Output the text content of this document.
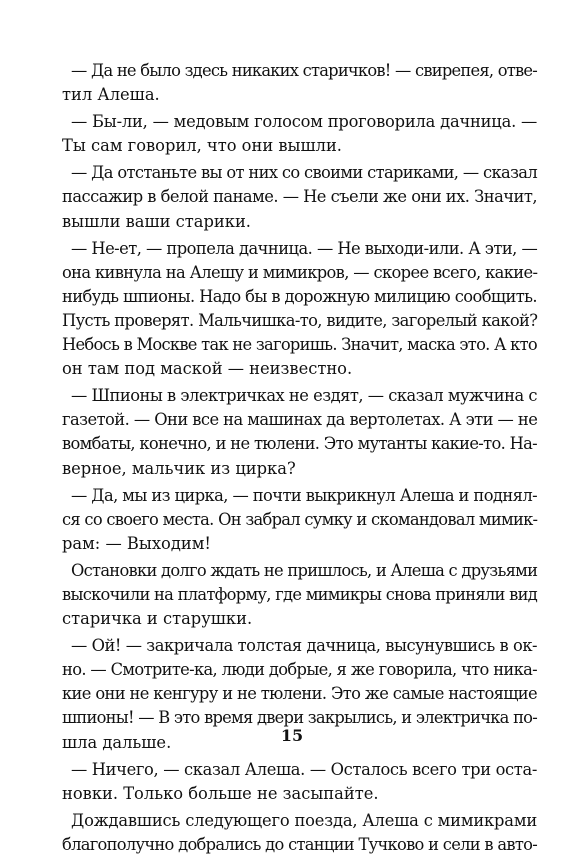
— Да не было здесь никаких старичков! — свирепея, отве-
тил Алеша.
— Бы-ли, — медовым голосом проговорила дачница. —
Ты сам говорил, что они вышли.
— Да отстаньте вы от них со своими стариками, — сказал
пассажир в белой панаме. — Не съели же они их. Значит,
вышли ваши старики.
— Не-ет, — пропела дачница. — Не выходи-или. А эти, —
она кивнула на Алешу и мимикров, — скорее всего, какие-
нибудь шпионы. Надо бы в дорожную милицию сообщить.
Пусть проверят. Мальчишка-то, видите, загорелый какой?
Небось в Москве так не загоришь. Значит, маска это. А кто
он там под маской — неизвестно.
— Шпионы в электричках не ездят, — сказал мужчина с
газетой. — Они все на машинах да вертолетах. А эти — не
вомбаты, конечно, и не тюлени. Это мутанты какие-то. На-
верное, мальчик из цирка?
— Да, мы из цирка, — почти выкрикнул Алеша и поднял-
ся со своего места. Он забрал сумку и скомандовал мимик-
рам: — Выходим!
Остановки долго ждать не пришлось, и Алеша с друзьями
выскочили на платформу, где мимикры снова приняли вид
старичка и старушки.
— Ой! — закричала толстая дачница, высунувшись в ок-
но. — Смотрите-ка, люди добрые, я же говорила, что ника-
кие они не кенгуру и не тюлени. Это же самые настоящие
шпионы! — В это время двери закрылись, и электричка по-
шла дальше.
— Ничего, — сказал Алеша. — Осталось всего три оста-
новки. Только больше не засыпайте.
Дождавшись следующего поезда, Алеша с мимикрами
благополучно добрались до станции Тучково и сели в авто-
15
